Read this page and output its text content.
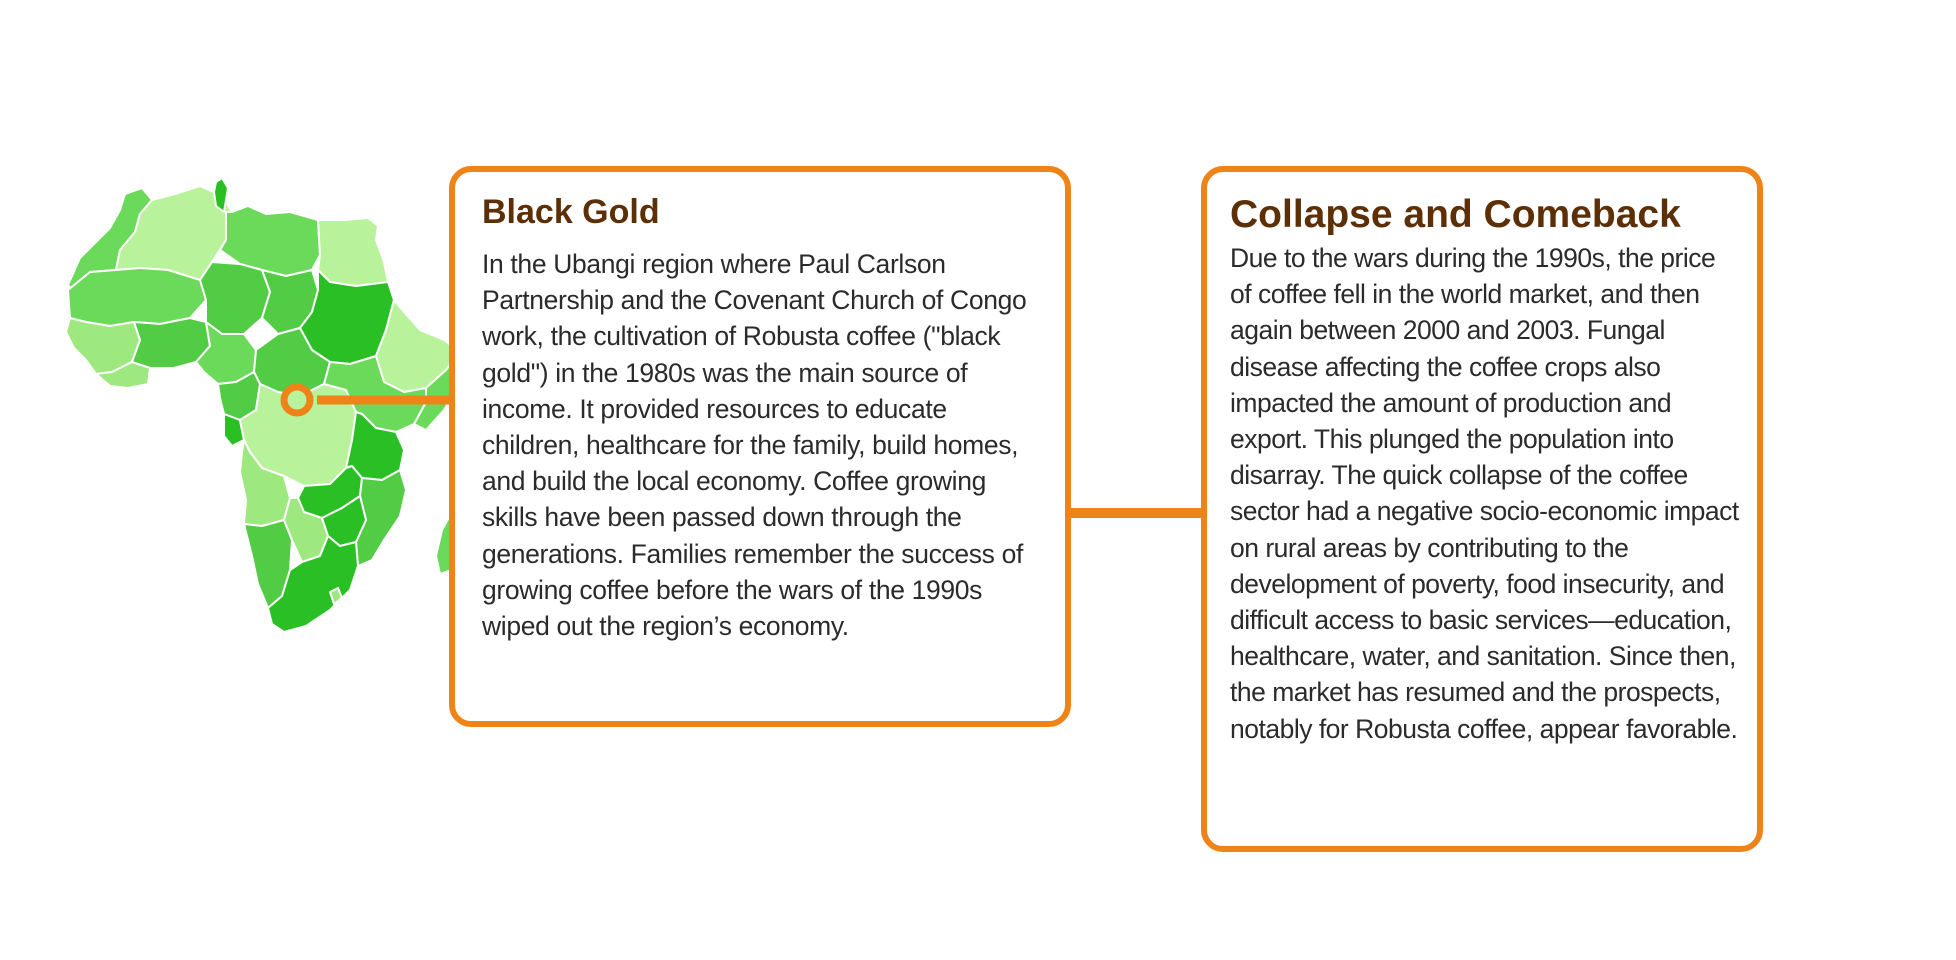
Black Gold

In the Ubangi region where Paul Carlson Partnership and the Covenant Church of Congo work, the cultivation of Robusta coffee ("black gold") in the 1980s was the main source of income. It provided resources to educate children, healthcare for the family, build homes, and build the local economy. Coffee growing skills have been passed down through the generations. Families remember the success of growing coffee before the wars of the 1990s wiped out the region’s economy.

Collapse and Comeback

Due to the wars during the 1990s, the price of coffee fell in the world market, and then again between 2000 and 2003. Fungal disease affecting the coffee crops also impacted the amount of production and export. This plunged the population into disarray. The quick collapse of the coffee sector had a negative socio-economic impact on rural areas by contributing to the development of poverty, food insecurity, and difficult access to basic services—education, healthcare, water, and sanitation. Since then, the market has resumed and the prospects, notably for Robusta coffee, appear favorable.
